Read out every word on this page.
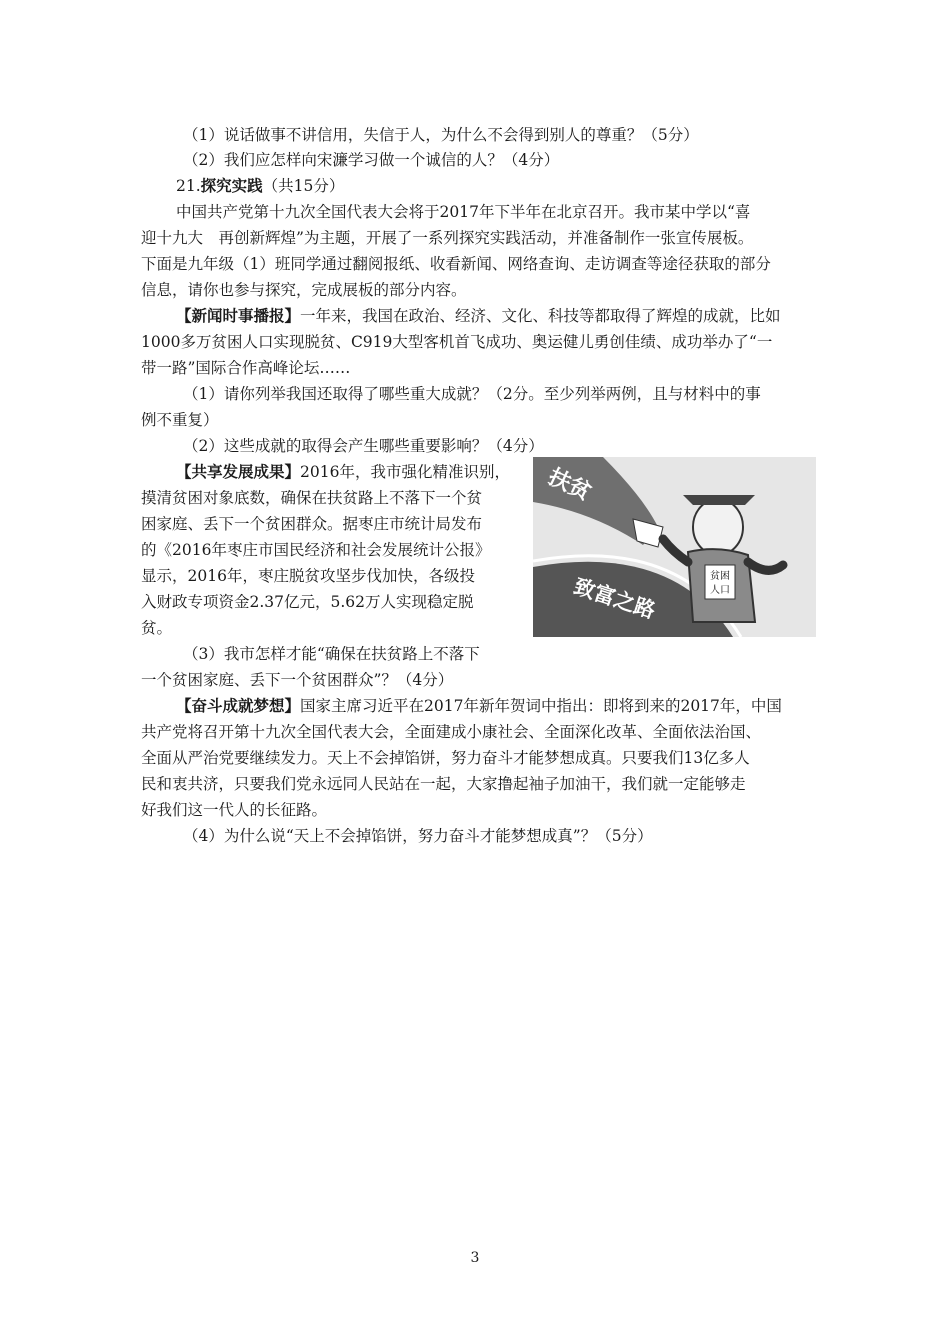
（1）说话做事不讲信用，失信于人，为什么不会得到别人的尊重？（5分）
（2）我们应怎样向宋濂学习做一个诚信的人？（4分）
21.探究实践（共15分）
中国共产党第十九次全国代表大会将于2017年下半年在北京召开。我市某中学以“喜
迎十九大　再创新辉煌”为主题，开展了一系列探究实践活动，并准备制作一张宣传展板。
下面是九年级（1）班同学通过翻阅报纸、收看新闻、网络查询、走访调查等途径获取的部分
信息，请你也参与探究，完成展板的部分内容。
【新闻时事播报】一年来，我国在政治、经济、文化、科技等都取得了辉煌的成就，比如
1000多万贫困人口实现脱贫、C919大型客机首飞成功、奥运健儿勇创佳绩、成功举办了“一
带一路”国际合作高峰论坛……
（1）请你列举我国还取得了哪些重大成就？（2分。至少列举两例，且与材料中的事
例不重复）
（2）这些成就的取得会产生哪些重要影响？（4分）
【共享发展成果】2016年，我市强化精准识别，
摸清贫困对象底数，确保在扶贫路上不落下一个贫
困家庭、丢下一个贫困群众。据枣庄市统计局发布
的《2016年枣庄市国民经济和社会发展统计公报》
显示，2016年，枣庄脱贫攻坚步伐加快，各级投
入财政专项资金2.37亿元，5.62万人实现稳定脱
贫。
（3）我市怎样才能“确保在扶贫路上不落下
一个贫困家庭、丢下一个贫困群众”？（4分）
贫困
人口
扶贫
致富之路
【奋斗成就梦想】国家主席习近平在2017年新年贺词中指出：即将到来的2017年，中国
共产党将召开第十九次全国代表大会，全面建成小康社会、全面深化改革、全面依法治国、
全面从严治党要继续发力。天上不会掉馅饼，努力奋斗才能梦想成真。只要我们13亿多人
民和衷共济，只要我们党永远同人民站在一起，大家撸起袖子加油干，我们就一定能够走
好我们这一代人的长征路。
（4）为什么说“天上不会掉馅饼，努力奋斗才能梦想成真”？（5分）
3
